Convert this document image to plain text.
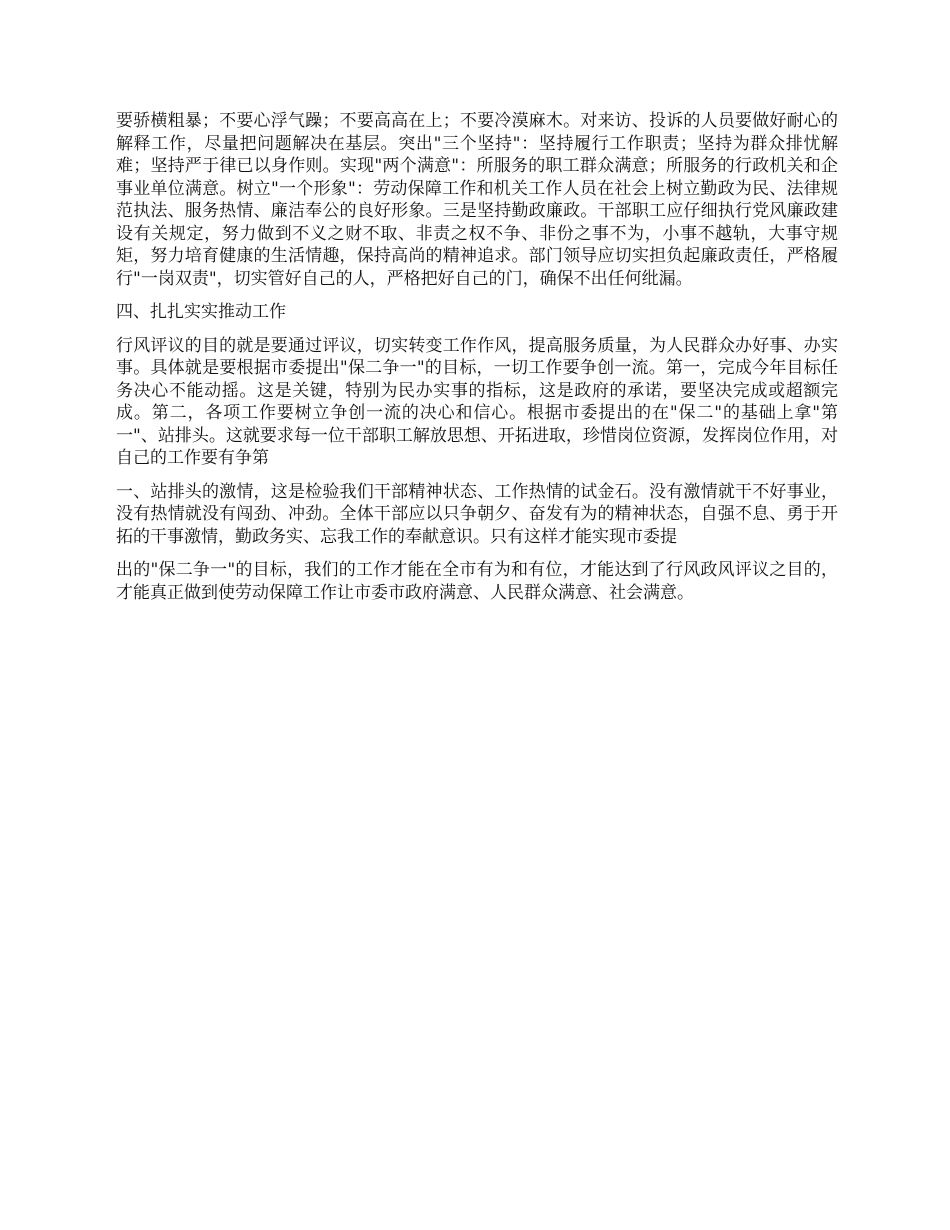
要骄横粗暴；不要心浮气躁；不要高高在上；不要冷漠麻木。对来访、投诉的人员要做好耐心的解释工作，尽量把问题解决在基层。突出"三个坚持"：坚持履行工作职责；坚持为群众排忧解难；坚持严于律已以身作则。实现"两个满意"：所服务的职工群众满意；所服务的行政机关和企事业单位满意。树立"一个形象"：劳动保障工作和机关工作人员在社会上树立勤政为民、法律规范执法、服务热情、廉洁奉公的良好形象。三是坚持勤政廉政。干部职工应仔细执行党风廉政建设有关规定，努力做到不义之财不取、非责之权不争、非份之事不为，小事不越轨，大事守规矩，努力培育健康的生活情趣，保持高尚的精神追求。部门领导应切实担负起廉政责任，严格履行"一岗双责"，切实管好自己的人，严格把好自己的门，确保不出任何纰漏。

四、扎扎实实推动工作

行风评议的目的就是要通过评议，切实转变工作作风，提高服务质量，为人民群众办好事、办实事。具体就是要根据市委提出"保二争一"的目标，一切工作要争创一流。第一，完成今年目标任务决心不能动摇。这是关键，特别为民办实事的指标，这是政府的承诺，要坚决完成或超额完成。第二，各项工作要树立争创一流的决心和信心。根据市委提出的在"保二"的基础上拿"第一"、站排头。这就要求每一位干部职工解放思想、开拓进取，珍惜岗位资源，发挥岗位作用，对自己的工作要有争第

一、站排头的激情，这是检验我们干部精神状态、工作热情的试金石。没有激情就干不好事业，没有热情就没有闯劲、冲劲。全体干部应以只争朝夕、奋发有为的精神状态，自强不息、勇于开拓的干事激情，勤政务实、忘我工作的奉献意识。只有这样才能实现市委提

出的"保二争一"的目标，我们的工作才能在全市有为和有位，才能达到了行风政风评议之目的，才能真正做到使劳动保障工作让市委市政府满意、人民群众满意、社会满意。
